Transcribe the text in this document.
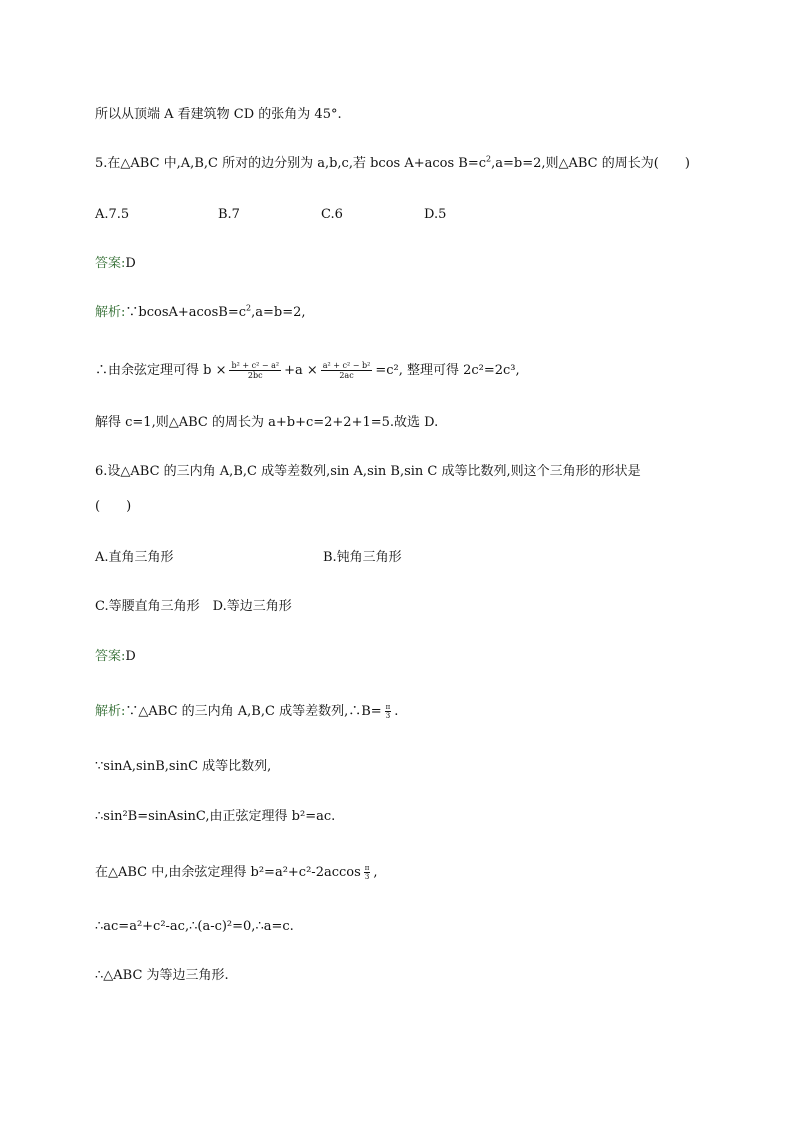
所以从顶端 A 看建筑物 CD 的张角为 45°.
5.在△ABC 中,A,B,C 所对的边分别为 a,b,c,若 bcos A+acos $B=c^2,a=b=2$,则△ABC 的周长为(　　)
A.7.5	B.7	C.6	D.5
答案:D
解析$:\because bcosA+acosB=c^2,a=b=2$,
∴由余弦定理可得 $b \times \frac{\text{b² + c² − a²}}{2bc} +a \times \frac{\text{a² + c² − b²}}{2ac} =c^2$, 整理可得 2c²=2c³,
解得 c=1,则△ABC 的周长为 a+b+c=2+2+1=5.故选 D.
6.设△ABC 的三内角 A,B,C 成等差数列,sin A,sin B,sin C 成等比数列,则这个三角形的形状是
(　　)
A.直角三角形	B.钝角三角形
C.等腰直角三角形　D.等边三角形
答案:D
解析:∵△ABC 的三内角 A,B,C 成等差数列,∴B= $\frac{\pi}{3}$ .
∵sinA,sinB,sinC 成等比数列,
∴sin²B=sinAsinC,由正弦定理得 b²=ac.
在△ABC 中,由余弦定理得 $b^2=a^2+c^2-2accos \frac{\pi}{3}$ ,
∴ac=a²+c²-ac,∴(a-c)²=0,∴a=c.
∴△ABC 为等边三角形.
